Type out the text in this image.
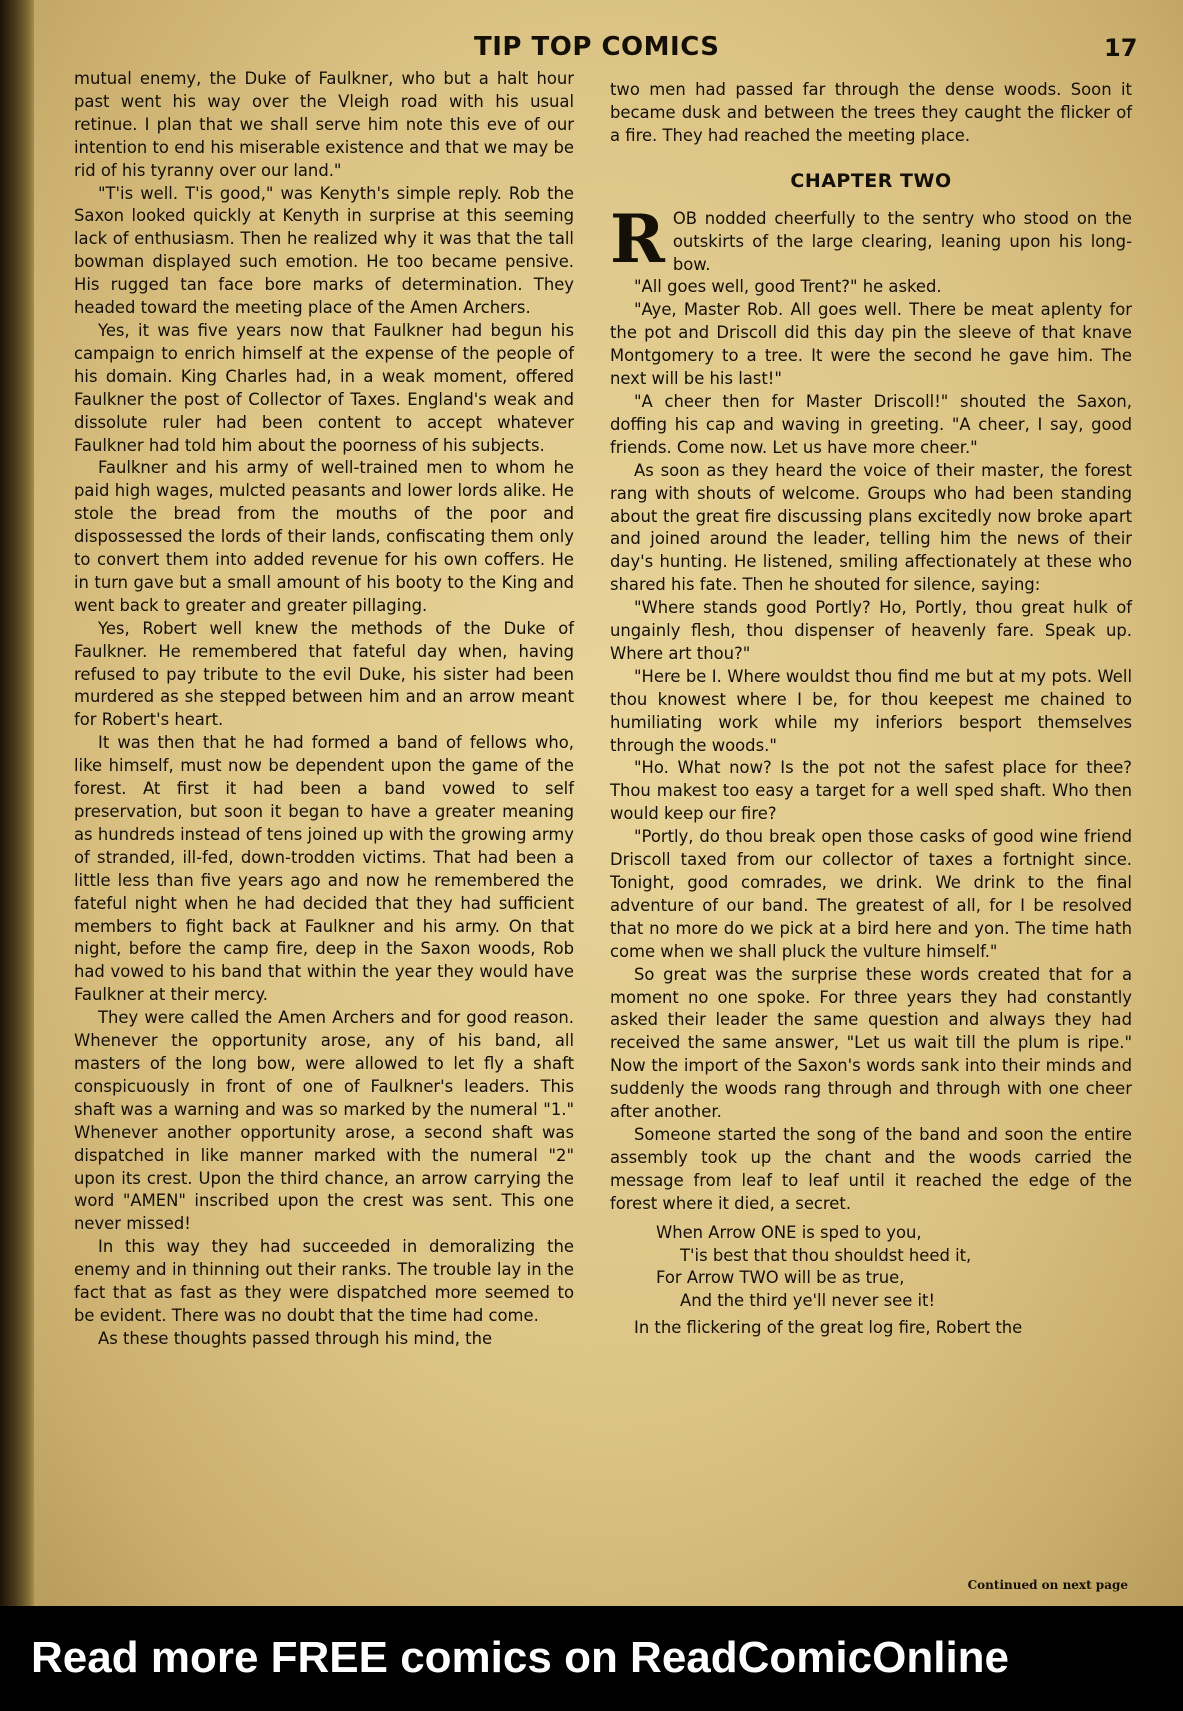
TIP TOP COMICS	17

mutual enemy, the Duke of Faulkner, who but a halt hour past went his way over the Vleigh road with his usual retinue. I plan that we shall serve him note this eve of our intention to end his miserable existence and that we may be rid of his tyranny over our land."

"T'is well. T'is good," was Kenyth's simple reply. Rob the Saxon looked quickly at Kenyth in surprise at this seeming lack of enthusiasm. Then he realized why it was that the tall bowman displayed such emotion. He too became pensive. His rugged tan face bore marks of determination. They headed toward the meeting place of the Amen Archers.

Yes, it was five years now that Faulkner had begun his campaign to enrich himself at the expense of the people of his domain. King Charles had, in a weak moment, offered Faulkner the post of Collector of Taxes. England's weak and dissolute ruler had been content to accept whatever Faulkner had told him about the poorness of his subjects.

Faulkner and his army of well-trained men to whom he paid high wages, mulcted peasants and lower lords alike. He stole the bread from the mouths of the poor and dispossessed the lords of their lands, confiscating them only to convert them into added revenue for his own coffers. He in turn gave but a small amount of his booty to the King and went back to greater and greater pillaging.

Yes, Robert well knew the methods of the Duke of Faulkner. He remembered that fateful day when, having refused to pay tribute to the evil Duke, his sister had been murdered as she stepped between him and an arrow meant for Robert's heart.

It was then that he had formed a band of fellows who, like himself, must now be dependent upon the game of the forest. At first it had been a band vowed to self preservation, but soon it began to have a greater meaning as hundreds instead of tens joined up with the growing army of stranded, ill-fed, down-trodden victims. That had been a little less than five years ago and now he remembered the fateful night when he had decided that they had sufficient members to fight back at Faulkner and his army. On that night, before the camp fire, deep in the Saxon woods, Rob had vowed to his band that within the year they would have Faulkner at their mercy.

They were called the Amen Archers and for good reason. Whenever the opportunity arose, any of his band, all masters of the long bow, were allowed to let fly a shaft conspicuously in front of one of Faulkner's leaders. This shaft was a warning and was so marked by the numeral "1." Whenever another opportunity arose, a second shaft was dispatched in like manner marked with the numeral "2" upon its crest. Upon the third chance, an arrow carrying the word "AMEN" inscribed upon the crest was sent. This one never missed!

In this way they had succeeded in demoralizing the enemy and in thinning out their ranks. The trouble lay in the fact that as fast as they were dispatched more seemed to be evident. There was no doubt that the time had come.

As these thoughts passed through his mind, the

two men had passed far through the dense woods. Soon it became dusk and between the trees they caught the flicker of a fire. They had reached the meeting place.

CHAPTER TWO

ROB nodded cheerfully to the sentry who stood on the outskirts of the large clearing, leaning upon his long-bow.

"All goes well, good Trent?" he asked.

"Aye, Master Rob. All goes well. There be meat aplenty for the pot and Driscoll did this day pin the sleeve of that knave Montgomery to a tree. It were the second he gave him. The next will be his last!"

"A cheer then for Master Driscoll!" shouted the Saxon, doffing his cap and waving in greeting. "A cheer, I say, good friends. Come now. Let us have more cheer."

As soon as they heard the voice of their master, the forest rang with shouts of welcome. Groups who had been standing about the great fire discussing plans excitedly now broke apart and joined around the leader, telling him the news of their day's hunting. He listened, smiling affectionately at these who shared his fate. Then he shouted for silence, saying:

"Where stands good Portly? Ho, Portly, thou great hulk of ungainly flesh, thou dispenser of heavenly fare. Speak up. Where art thou?"

"Here be I. Where wouldst thou find me but at my pots. Well thou knowest where I be, for thou keepest me chained to humiliating work while my inferiors besport themselves through the woods."

"Ho. What now? Is the pot not the safest place for thee? Thou makest too easy a target for a well sped shaft. Who then would keep our fire?

"Portly, do thou break open those casks of good wine friend Driscoll taxed from our collector of taxes a fortnight since. Tonight, good comrades, we drink. We drink to the final adventure of our band. The greatest of all, for I be resolved that no more do we pick at a bird here and yon. The time hath come when we shall pluck the vulture himself."

So great was the surprise these words created that for a moment no one spoke. For three years they had constantly asked their leader the same question and always they had received the same answer, "Let us wait till the plum is ripe." Now the import of the Saxon's words sank into their minds and suddenly the woods rang through and through with one cheer after another.

Someone started the song of the band and soon the entire assembly took up the chant and the woods carried the message from leaf to leaf until it reached the edge of the forest where it died, a secret.

When Arrow ONE is sped to you,
T'is best that thou shouldst heed it,
For Arrow TWO will be as true,
And the third ye'll never see it!

In the flickering of the great log fire, Robert the

Continued on next page

Read more FREE comics on ReadComicOnline
